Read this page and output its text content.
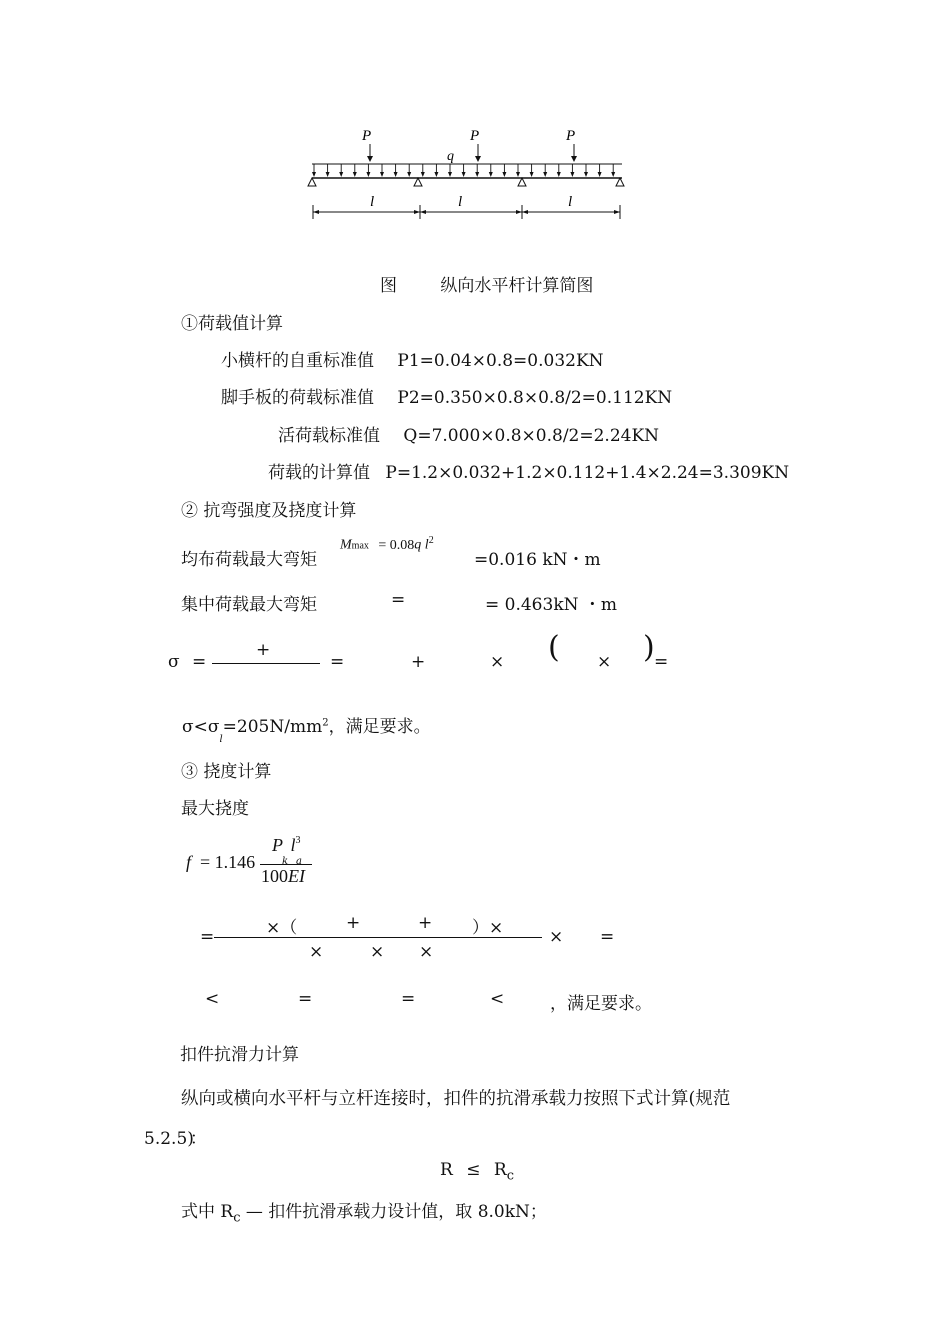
P	P	P
q
l	l	l
图	纵向水平杆计算简图
①荷载值计算
小横杆的自重标准值 P1=0.04×0.8=0.032KN
脚手板的荷载标准值 P2=0.350×0.8×0.8/2=0.112KN
活荷载标准值 Q=7.000×0.8×0.8/2=2.24KN
荷载的计算值 P=1.2×0.032+1.2×0.112+1.4×2.24=3.309KN
② 抗弯强度及挠度计算
均布荷载最大弯矩
Mmax = 0.08q $l^2$
=0.016 kN・m
集中荷载最大弯矩	=	= 0.463kN ・m
σ =
+
=	+	× ( × ) =
$\sigma<\sigma_l=205N/mm^2$，满足要求。
③ 挠度计算
最大挠度
f = 1.146
P $l^3$
k a
100EI
=	×（	+	+ ）×
×	× ×
× =
<	=	=	<	，满足要求。
扣件抗滑力计算
纵向或横向水平杆与立杆连接时，扣件的抗滑承载力按照下式计算(规范
5.2.5)：
$R \le R_c$
式中 $R_c$ — 扣件抗滑承载力设计值，取 8.0kN；
